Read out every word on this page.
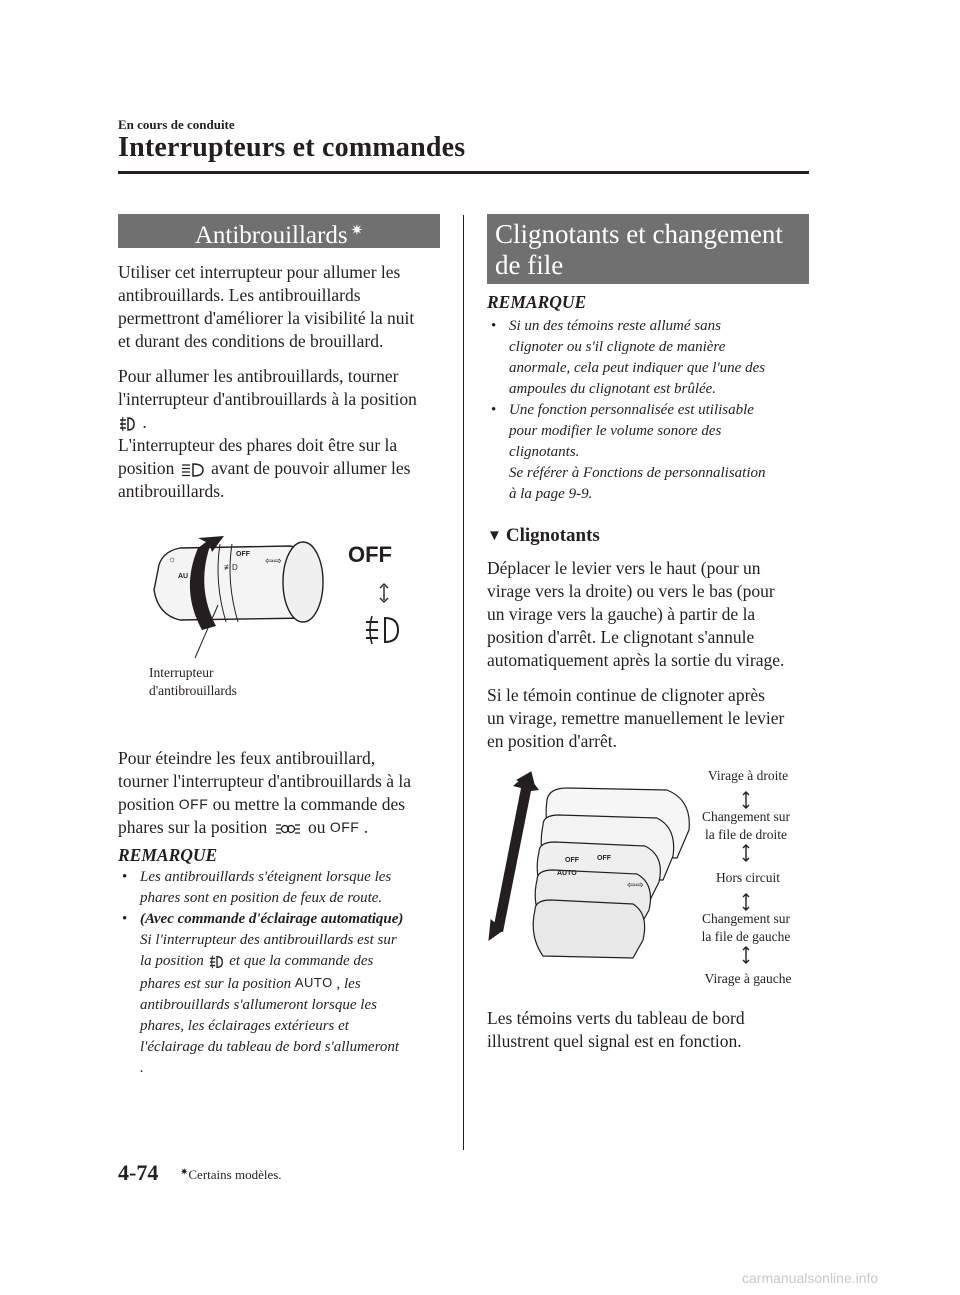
En cours de conduite
Interrupteurs et commandes
Antibrouillards ✷
Utiliser cet interrupteur pour allumer les
antibrouillards. Les antibrouillards
permettront d'améliorer la visibilité la nuit
et durant des conditions de brouillard.
Pour allumer les antibrouillards, tourner
l'interrupteur d'antibrouillards à la position
.
L'interrupteur des phares doit être sur la
position avant de pouvoir allumer les
antibrouillards.
☼
AU
OFF
≢D
⇦⇨	OFF
Interrupteur
d'antibrouillards
Pour éteindre les feux antibrouillard,
tourner l'interrupteur d'antibrouillards à la
position OFF ou mettre la commande des
phares sur la position ou OFF .
REMARQUE
• Les antibrouillards s'éteignent lorsque les
phares sont en position de feux de route.
• (Avec commande d'éclairage automatique)
Si l'interrupteur des antibrouillards est sur
la position et que la commande des
phares est sur la position AUTO , les
antibrouillards s'allumeront lorsque les
phares, les éclairages extérieurs et
l'éclairage du tableau de bord s'allumeront
.
Clignotants et changement
de file
REMARQUE
• Si un des témoins reste allumé sans
clignoter ou s'il clignote de manière
anormale, cela peut indiquer que l'une des
ampoules du clignotant est brûlée.
• Une fonction personnalisée est utilisable
pour modifier le volume sonore des
clignotants.
Se référer à Fonctions de personnalisation
à la page 9-9.
▼ Clignotants
Déplacer le levier vers le haut (pour un
virage vers la droite) ou vers le bas (pour
un virage vers la gauche) à partir de la
position d'arrêt. Le clignotant s'annule
automatiquement après la sortie du virage.
Si le témoin continue de clignoter après
un virage, remettre manuellement le levier
en position d'arrêt.
AUTO
OFF	OFF
⇦⇨
Virage à droite
Changement sur
la file de droite
Hors circuit
Changement sur
la file de gauche
Virage à gauche
Les témoins verts du tableau de bord
illustrent quel signal est en fonction.
4-74 ✷Certains modèles.
carmanualsonline.info
